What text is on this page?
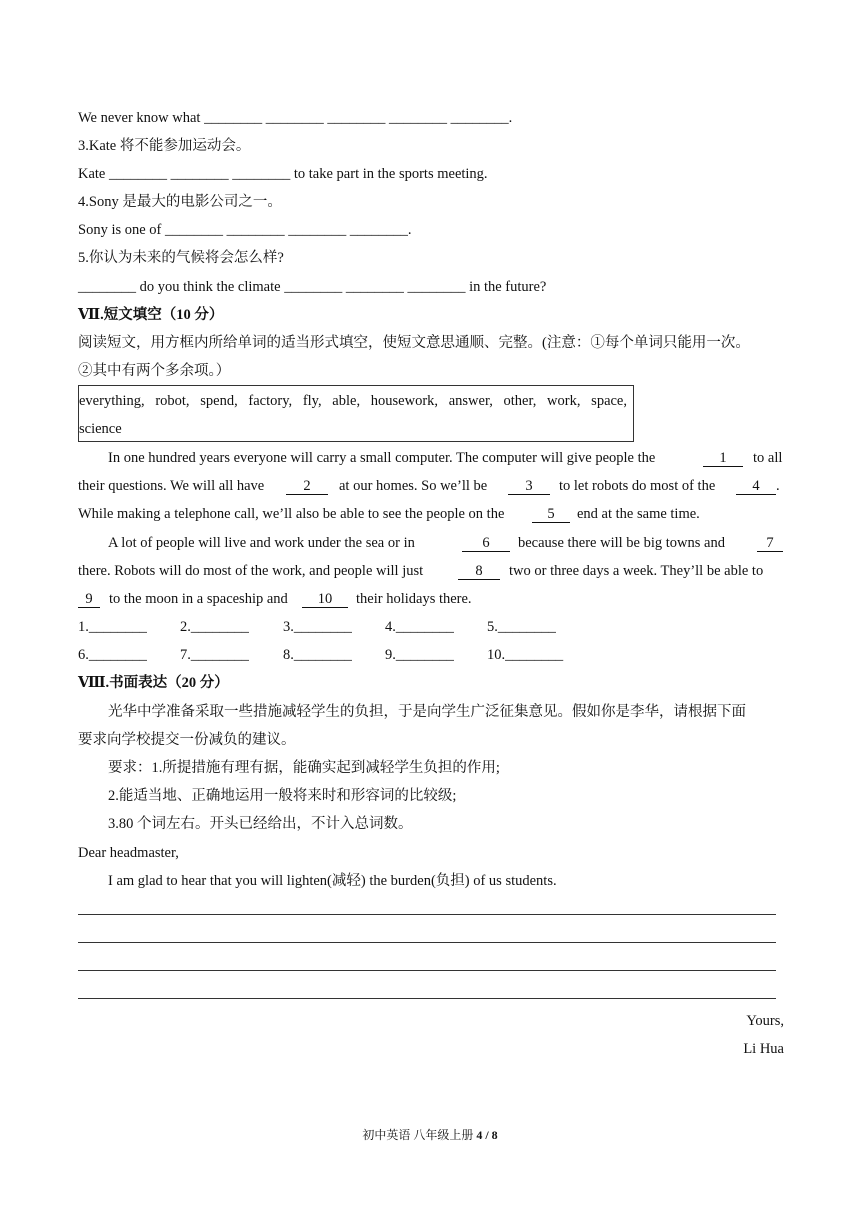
We never know what ________ ________ ________ ________ ________.
3.Kate 将不能参加运动会。
Kate ________ ________ ________ to take part in the sports meeting.
4.Sony 是最大的电影公司之一。
Sony is one of ________ ________ ________ ________.
5.你认为未来的气候将会怎么样?
________ do you think the climate ________ ________ ________ in the future?
Ⅶ.短文填空（10 分）
阅读短文，用方框内所给单词的适当形式填空，使短文意思通顺、完整。(注意：①每个单词只能用一次。
②其中有两个多余项。）
everything, robot, spend, factory, fly, able, housework, answer, other, work, space,
science
In one hundred years everyone will carry a small computer. The computer will give people the	1	to all
their questions. We will all have	2	at our homes. So we’ll be	3	to let robots do most of the	4 .
While making a telephone call, we’ll also be able to see the people on the	5	end at the same time.
A lot of people will live and work under the sea or in	6	because there will be big towns and	7
there. Robots will do most of the work, and people will just	8	two or three days a week. They’ll be able to
9	to the moon in a spaceship and	10	their holidays there.
1.________ 2.________ 3.________ 4.________ 5.________
6.________ 7.________ 8.________ 9.________ 10.________
Ⅷ.书面表达（20 分）
光华中学准备采取一些措施减轻学生的负担，于是向学生广泛征集意见。假如你是李华，请根据下面
要求向学校提交一份减负的建议。
要求：1.所提措施有理有据，能确实起到减轻学生负担的作用;
2.能适当地、正确地运用一般将来时和形容词的比较级;
3.80 个词左右。开头已经给出，不计入总词数。
Dear headmaster,
I am glad to hear that you will lighten(减轻) the burden(负担) of us students.
Yours,
Li Hua
初中英语 八年级上册 4 / 8
